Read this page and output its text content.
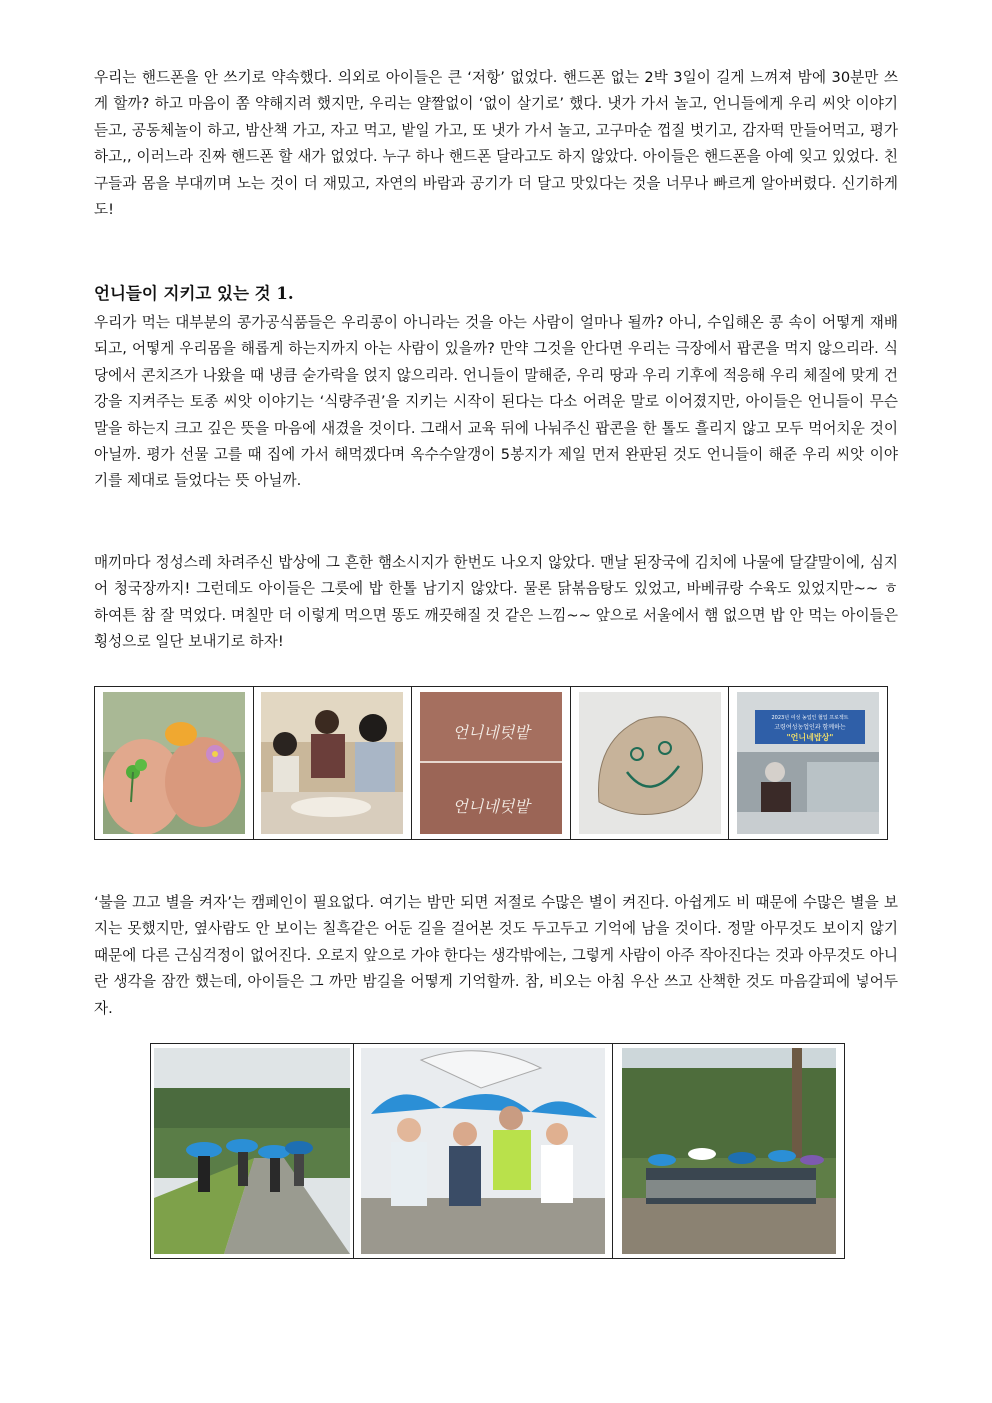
우리는 핸드폰을 안 쓰기로 약속했다. 의외로 아이들은 큰 ‘저항’ 없었다. 핸드폰 없는 2박 3일이 길게 느껴져 밤에 30분만 쓰게 할까? 하고 마음이 쫌 약해지려 했지만, 우리는 얄짤없이 ‘없이 살기로’ 했다. 냇가 가서 놀고, 언니들에게 우리 씨앗 이야기 듣고, 공동체놀이 하고, 밤산책 가고, 자고 먹고, 밭일 가고, 또 냇가 가서 놀고, 고구마순 껍질 벗기고, 감자떡 만들어먹고, 평가하고,, 이러느라 진짜 핸드폰 할 새가 없었다. 누구 하나 핸드폰 달라고도 하지 않았다. 아이들은 핸드폰을 아예 잊고 있었다. 친구들과 몸을 부대끼며 노는 것이 더 재밌고, 자연의 바람과 공기가 더 달고 맛있다는 것을 너무나 빠르게 알아버렸다. 신기하게도!

언니들이 지키고 있는 것 1.

우리가 먹는 대부분의 콩가공식품들은 우리콩이 아니라는 것을 아는 사람이 얼마나 될까? 아니, 수입해온 콩 속이 어떻게 재배되고, 어떻게 우리몸을 해롭게 하는지까지 아는 사람이 있을까? 만약 그것을 안다면 우리는 극장에서 팝콘을 먹지 않으리라. 식당에서 콘치즈가 나왔을 때 냉큼 숟가락을 얹지 않으리라. 언니들이 말해준, 우리 땅과 우리 기후에 적응해 우리 체질에 맞게 건강을 지켜주는 토종 씨앗 이야기는 ‘식량주권’을 지키는 시작이 된다는 다소 어려운 말로 이어졌지만, 아이들은 언니들이 무슨 말을 하는지 크고 깊은 뜻을 마음에 새겼을 것이다. 그래서 교육 뒤에 나눠주신 팝콘을 한 톨도 흘리지 않고 모두 먹어치운 것이 아닐까. 평가 선물 고를 때 집에 가서 해먹겠다며 옥수수알갱이 5봉지가 제일 먼저 완판된 것도 언니들이 해준 우리 씨앗 이야기를 제대로 들었다는 뜻 아닐까.

매끼마다 정성스레 차려주신 밥상에 그 흔한 햄소시지가 한번도 나오지 않았다. 맨날 된장국에 김치에 나물에 달걀말이에, 심지어 청국장까지! 그런데도 아이들은 그릇에 밥 한톨 남기지 않았다. 물론 닭볶음탕도 있었고, 바베큐랑 수육도 있었지만~~ ㅎ 하여튼 참 잘 먹었다. 며칠만 더 이렇게 먹으면 똥도 깨끗해질 것 같은 느낌~~ 앞으로 서울에서 햄 없으면 밥 안 먹는 아이들은 횡성으로 일단 보내기로 하자!

언니네텃밭
언니네텃밭

2023년 여성 농업인 협업 프로젝트
고령여성농업인과 함께하는
"언니네밥상"

‘불을 끄고 별을 켜자’는 캠페인이 필요없다. 여기는 밤만 되면 저절로 수많은 별이 켜진다. 아쉽게도 비 때문에 수많은 별을 보지는 못했지만, 옆사람도 안 보이는 칠흑같은 어둔 길을 걸어본 것도 두고두고 기억에 남을 것이다. 정말 아무것도 보이지 않기 때문에 다른 근심걱정이 없어진다. 오로지 앞으로 가야 한다는 생각밖에는, 그렇게 사람이 아주 작아진다는 것과 아무것도 아니란 생각을 잠깐 했는데, 아이들은 그 까만 밤길을 어떻게 기억할까. 참, 비오는 아침 우산 쓰고 산책한 것도 마음갈피에 넣어두자.
